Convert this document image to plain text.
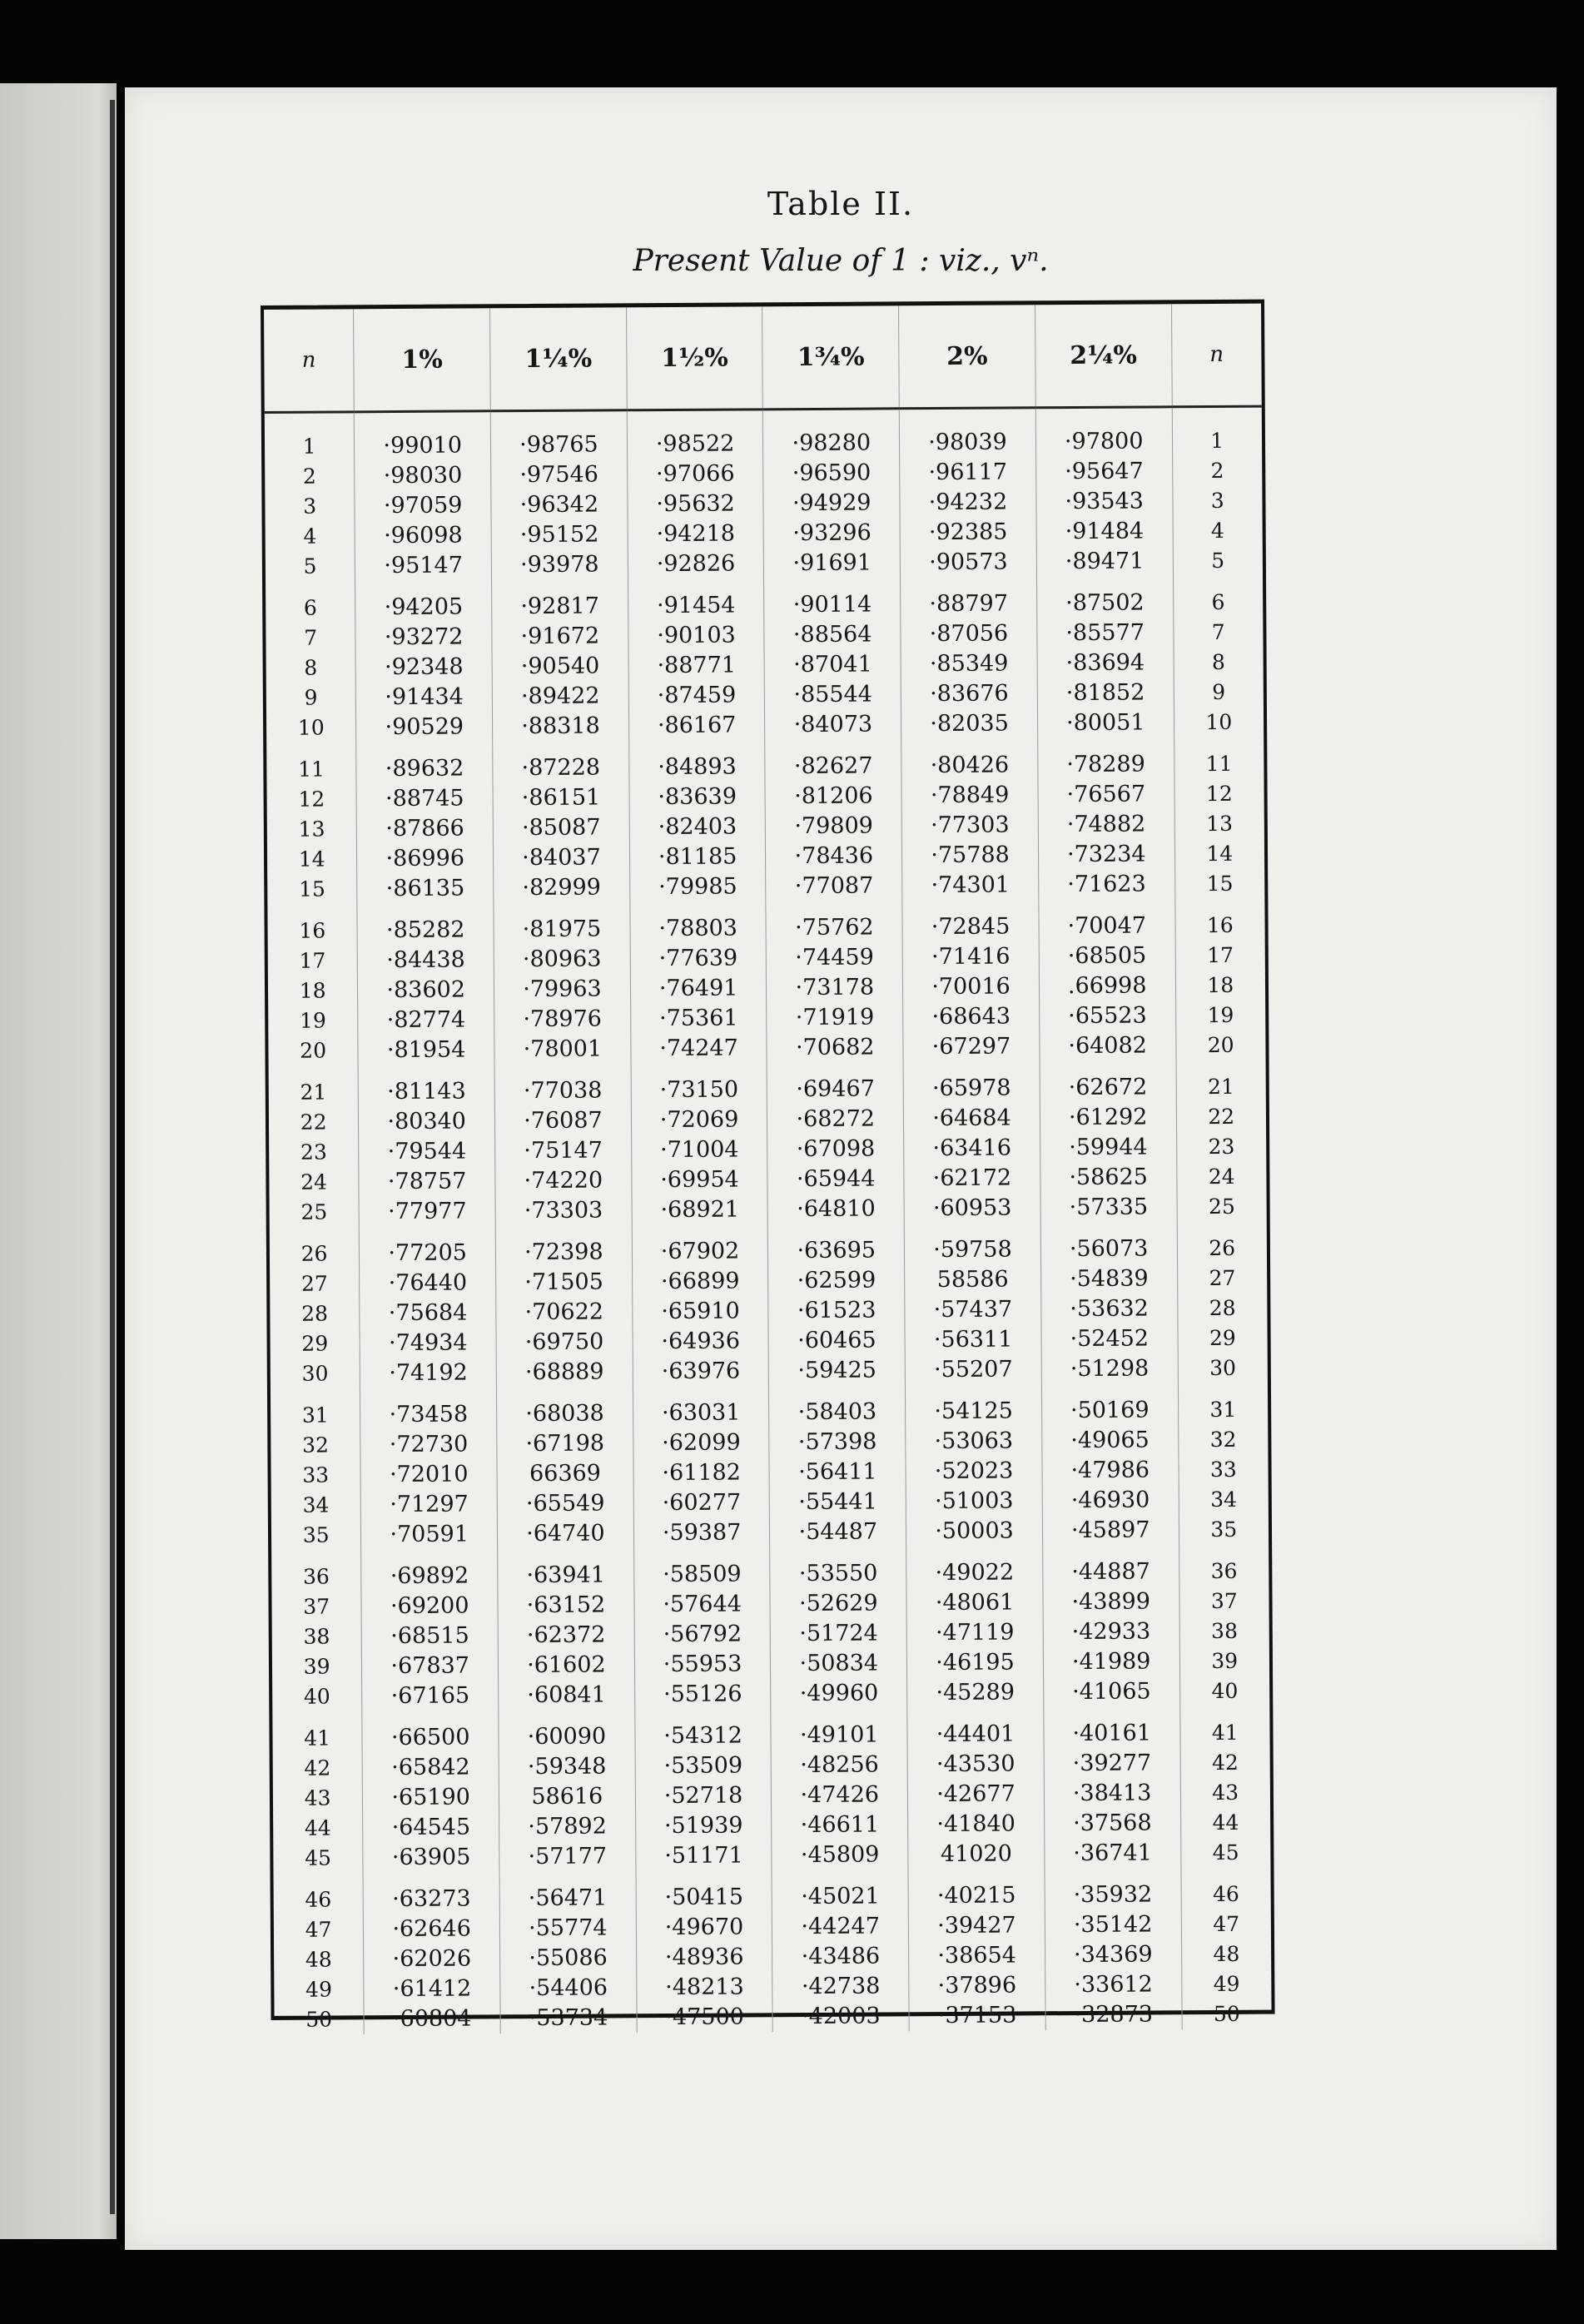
Table II.
Present Value of 1 : viz., vⁿ.
n	1%	1¼%	1½%	1¾%	2%	2¼%	n

1	·99010	·98765	·98522	·98280	·98039	·97800	1
2	·98030	·97546	·97066	·96590	·96117	·95647	2
3	·97059	·96342	·95632	·94929	·94232	·93543	3
4	·96098	·95152	·94218	·93296	·92385	·91484	4
5	·95147	·93978	·92826	·91691	·90573	·89471	5

6	·94205	·92817	·91454	·90114	·88797	·87502	6
7	·93272	·91672	·90103	·88564	·87056	·85577	7
8	·92348	·90540	·88771	·87041	·85349	·83694	8
9	·91434	·89422	·87459	·85544	·83676	·81852	9
10	·90529	·88318	·86167	·84073	·82035	·80051	10

11	·89632	·87228	·84893	·82627	·80426	·78289	11
12	·88745	·86151	·83639	·81206	·78849	·76567	12
13	·87866	·85087	·82403	·79809	·77303	·74882	13
14	·86996	·84037	·81185	·78436	·75788	·73234	14
15	·86135	·82999	·79985	·77087	·74301	·71623	15

16	·85282	·81975	·78803	·75762	·72845	·70047	16
17	·84438	·80963	·77639	·74459	·71416	·68505	17
18	·83602	·79963	·76491	·73178	·70016	.66998	18
19	·82774	·78976	·75361	·71919	·68643	·65523	19
20	·81954	·78001	·74247	·70682	·67297	·64082	20

21	·81143	·77038	·73150	·69467	·65978	·62672	21
22	·80340	·76087	·72069	·68272	·64684	·61292	22
23	·79544	·75147	·71004	·67098	·63416	·59944	23
24	·78757	·74220	·69954	·65944	·62172	·58625	24
25	·77977	·73303	·68921	·64810	·60953	·57335	25

26	·77205	·72398	·67902	·63695	·59758	·56073	26
27	·76440	·71505	·66899	·62599	58586	·54839	27
28	·75684	·70622	·65910	·61523	·57437	·53632	28
29	·74934	·69750	·64936	·60465	·56311	·52452	29
30	·74192	·68889	·63976	·59425	·55207	·51298	30

31	·73458	·68038	·63031	·58403	·54125	·50169	31
32	·72730	·67198	·62099	·57398	·53063	·49065	32
33	·72010	66369	·61182	·56411	·52023	·47986	33
34	·71297	·65549	·60277	·55441	·51003	·46930	34
35	·70591	·64740	·59387	·54487	·50003	·45897	35

36	·69892	·63941	·58509	·53550	·49022	·44887	36
37	·69200	·63152	·57644	·52629	·48061	·43899	37
38	·68515	·62372	·56792	·51724	·47119	·42933	38
39	·67837	·61602	·55953	·50834	·46195	·41989	39
40	·67165	·60841	·55126	·49960	·45289	·41065	40

41	·66500	·60090	·54312	·49101	·44401	·40161	41
42	·65842	·59348	·53509	·48256	·43530	·39277	42
43	·65190	58616	·52718	·47426	·42677	·38413	43
44	·64545	·57892	·51939	·46611	·41840	·37568	44
45	·63905	·57177	·51171	·45809	41020	·36741	45

46	·63273	·56471	·50415	·45021	·40215	·35932	46
47	·62646	·55774	·49670	·44247	·39427	·35142	47
48	·62026	·55086	·48936	·43486	·38654	·34369	48
49	·61412	·54406	·48213	·42738	·37896	·33612	49
50	·60804	·53734	·47500	·42003	·37153	·32873	50
